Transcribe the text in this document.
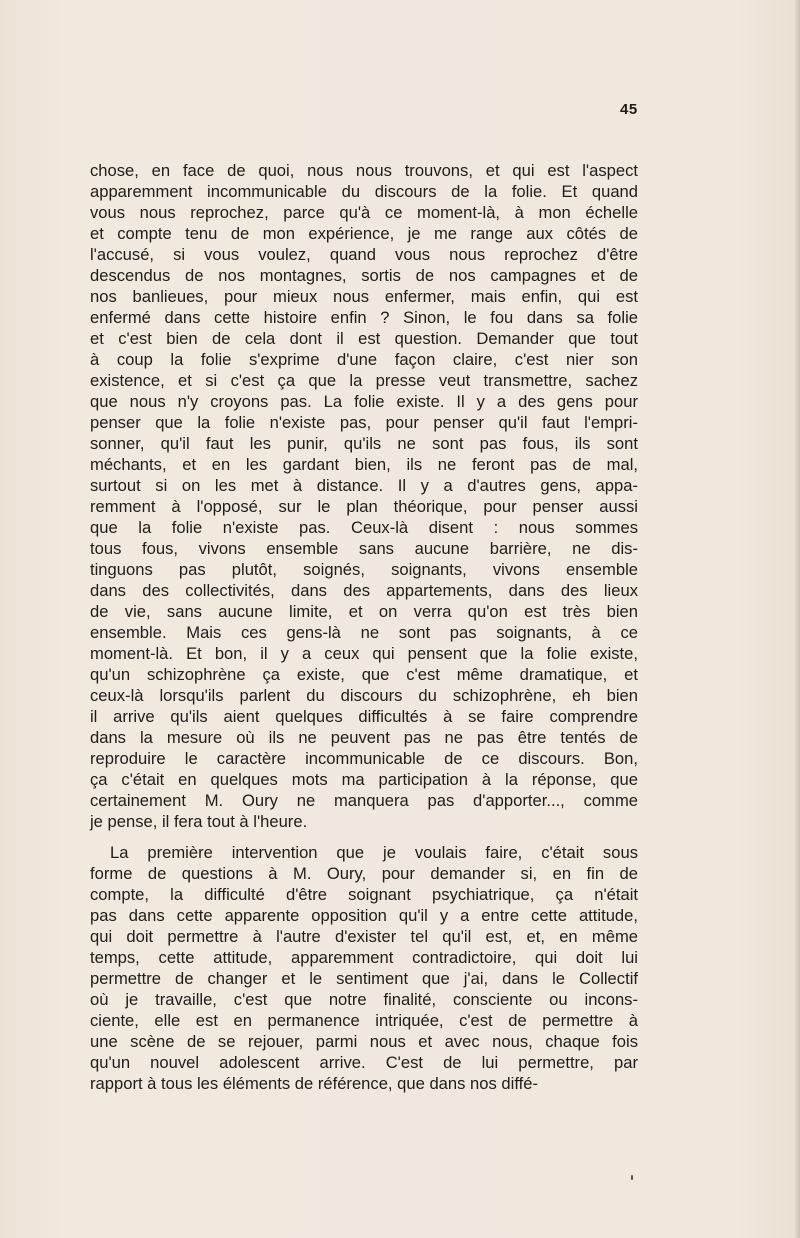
45
chose, en face de quoi, nous nous trouvons, et qui est l'aspect
apparemment incommunicable du discours de la folie. Et quand
vous nous reprochez, parce qu'à ce moment-là, à mon échelle
et compte tenu de mon expérience, je me range aux côtés de
l'accusé, si vous voulez, quand vous nous reprochez d'être
descendus de nos montagnes, sortis de nos campagnes et de
nos banlieues, pour mieux nous enfermer, mais enfin, qui est
enfermé dans cette histoire enfin ? Sinon, le fou dans sa folie
et c'est bien de cela dont il est question. Demander que tout
à coup la folie s'exprime d'une façon claire, c'est nier son
existence, et si c'est ça que la presse veut transmettre, sachez
que nous n'y croyons pas. La folie existe. Il y a des gens pour
penser que la folie n'existe pas, pour penser qu'il faut l'empri-
sonner, qu'il faut les punir, qu'ils ne sont pas fous, ils sont
méchants, et en les gardant bien, ils ne feront pas de mal,
surtout si on les met à distance. Il y a d'autres gens, appa-
remment à l'opposé, sur le plan théorique, pour penser aussi
que la folie n'existe pas. Ceux-là disent : nous sommes
tous fous, vivons ensemble sans aucune barrière, ne dis-
tinguons pas plutôt, soignés, soignants, vivons ensemble
dans des collectivités, dans des appartements, dans des lieux
de vie, sans aucune limite, et on verra qu'on est très bien
ensemble. Mais ces gens-là ne sont pas soignants, à ce
moment-là. Et bon, il y a ceux qui pensent que la folie existe,
qu'un schizophrène ça existe, que c'est même dramatique, et
ceux-là lorsqu'ils parlent du discours du schizophrène, eh bien
il arrive qu'ils aient quelques difficultés à se faire comprendre
dans la mesure où ils ne peuvent pas ne pas être tentés de
reproduire le caractère incommunicable de ce discours. Bon,
ça c'était en quelques mots ma participation à la réponse, que
certainement M. Oury ne manquera pas d'apporter..., comme
je pense, il fera tout à l'heure.
La première intervention que je voulais faire, c'était sous
forme de questions à M. Oury, pour demander si, en fin de
compte, la difficulté d'être soignant psychiatrique, ça n'était
pas dans cette apparente opposition qu'il y a entre cette attitude,
qui doit permettre à l'autre d'exister tel qu'il est, et, en même
temps, cette attitude, apparemment contradictoire, qui doit lui
permettre de changer et le sentiment que j'ai, dans le Collectif
où je travaille, c'est que notre finalité, consciente ou incons-
ciente, elle est en permanence intriquée, c'est de permettre à
une scène de se rejouer, parmi nous et avec nous, chaque fois
qu'un nouvel adolescent arrive. C'est de lui permettre, par
rapport à tous les éléments de référence, que dans nos diffé-
